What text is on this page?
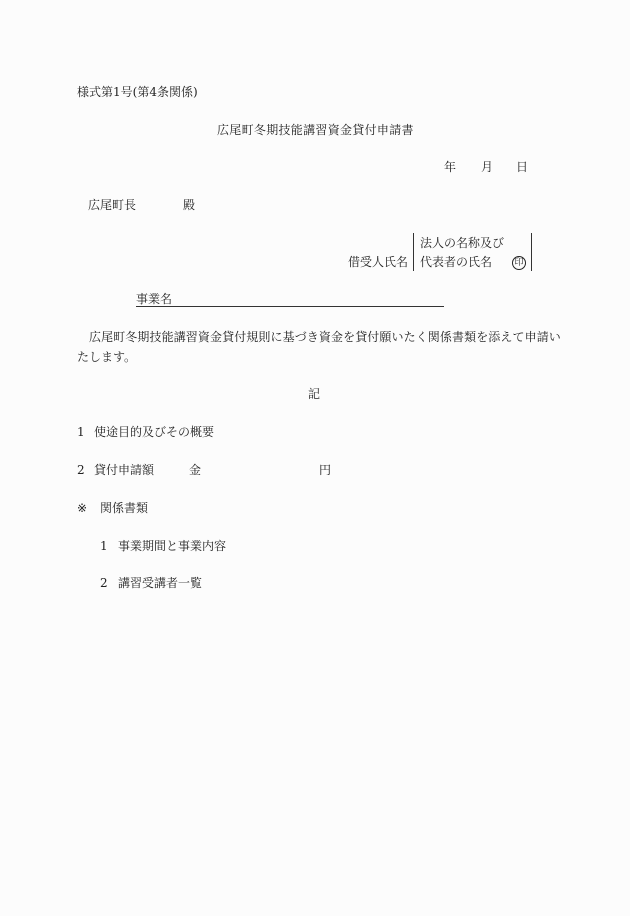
様式第1号(第4条関係)
広尾町冬期技能講習資金貸付申請書
年 月 日
広尾町長	殿
借受人氏名
法人の名称及び
代表者の氏名 印
事業名
広尾町冬期技能講習資金貸付規則に基づき資金を貸付願いたく関係書類を添えて申請い
たします。
記
1 使途目的及びその概要
2 貸付申請額	金	円
※ 関係書類
1 事業期間と事業内容
2 講習受講者一覧
